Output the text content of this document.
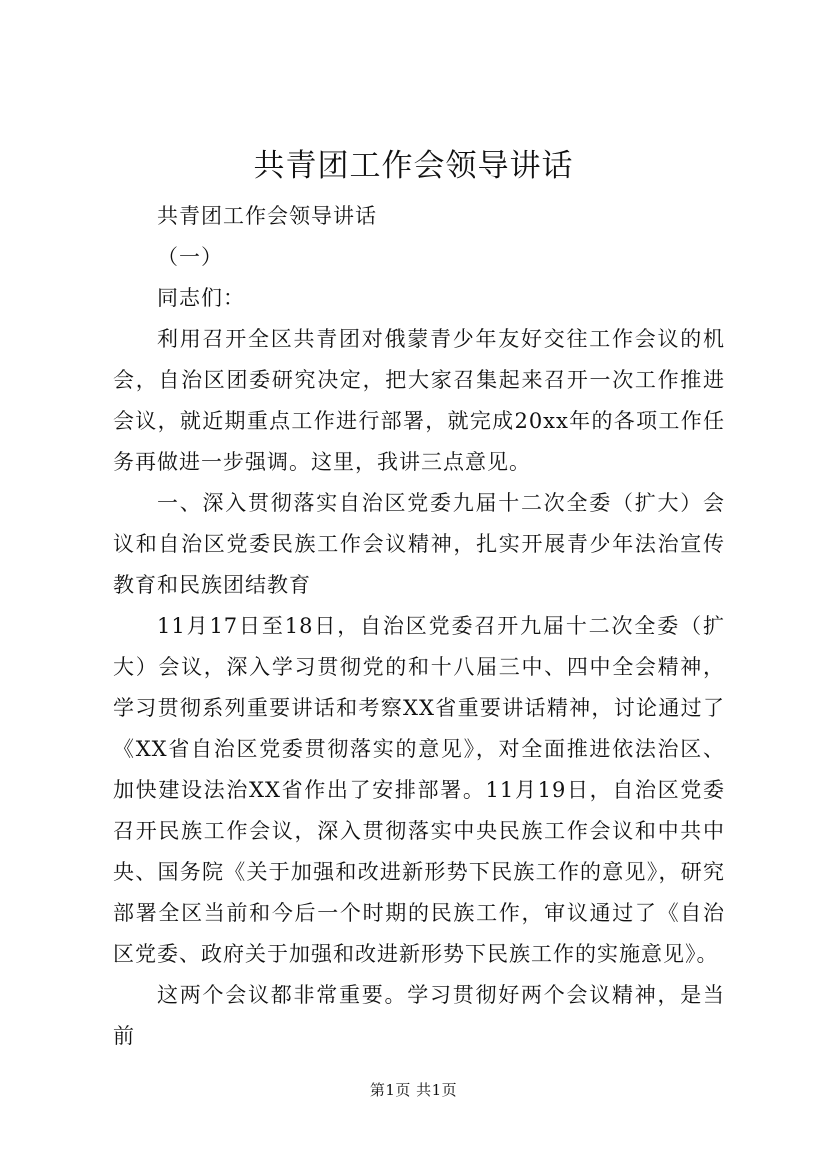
共青团工作会领导讲话

共青团工作会领导讲话

（一）

同志们：

利用召开全区共青团对俄蒙青少年友好交往工作会议的机会，自治区团委研究决定，把大家召集起来召开一次工作推进会议，就近期重点工作进行部署，就完成20xx年的各项工作任务再做进一步强调。这里，我讲三点意见。

一、深入贯彻落实自治区党委九届十二次全委（扩大）会议和自治区党委民族工作会议精神，扎实开展青少年法治宣传教育和民族团结教育

11月17日至18日，自治区党委召开九届十二次全委（扩大）会议，深入学习贯彻党的和十八届三中、四中全会精神，学习贯彻系列重要讲话和考察XX省重要讲话精神，讨论通过了《XX省自治区党委贯彻落实的意见》，对全面推进依法治区、加快建设法治XX省作出了安排部署。11月19日，自治区党委召开民族工作会议，深入贯彻落实中央民族工作会议和中共中央、国务院《关于加强和改进新形势下民族工作的意见》，研究部署全区当前和今后一个时期的民族工作，审议通过了《自治区党委、政府关于加强和改进新形势下民族工作的实施意见》。

这两个会议都非常重要。学习贯彻好两个会议精神，是当前

第1页 共1页
